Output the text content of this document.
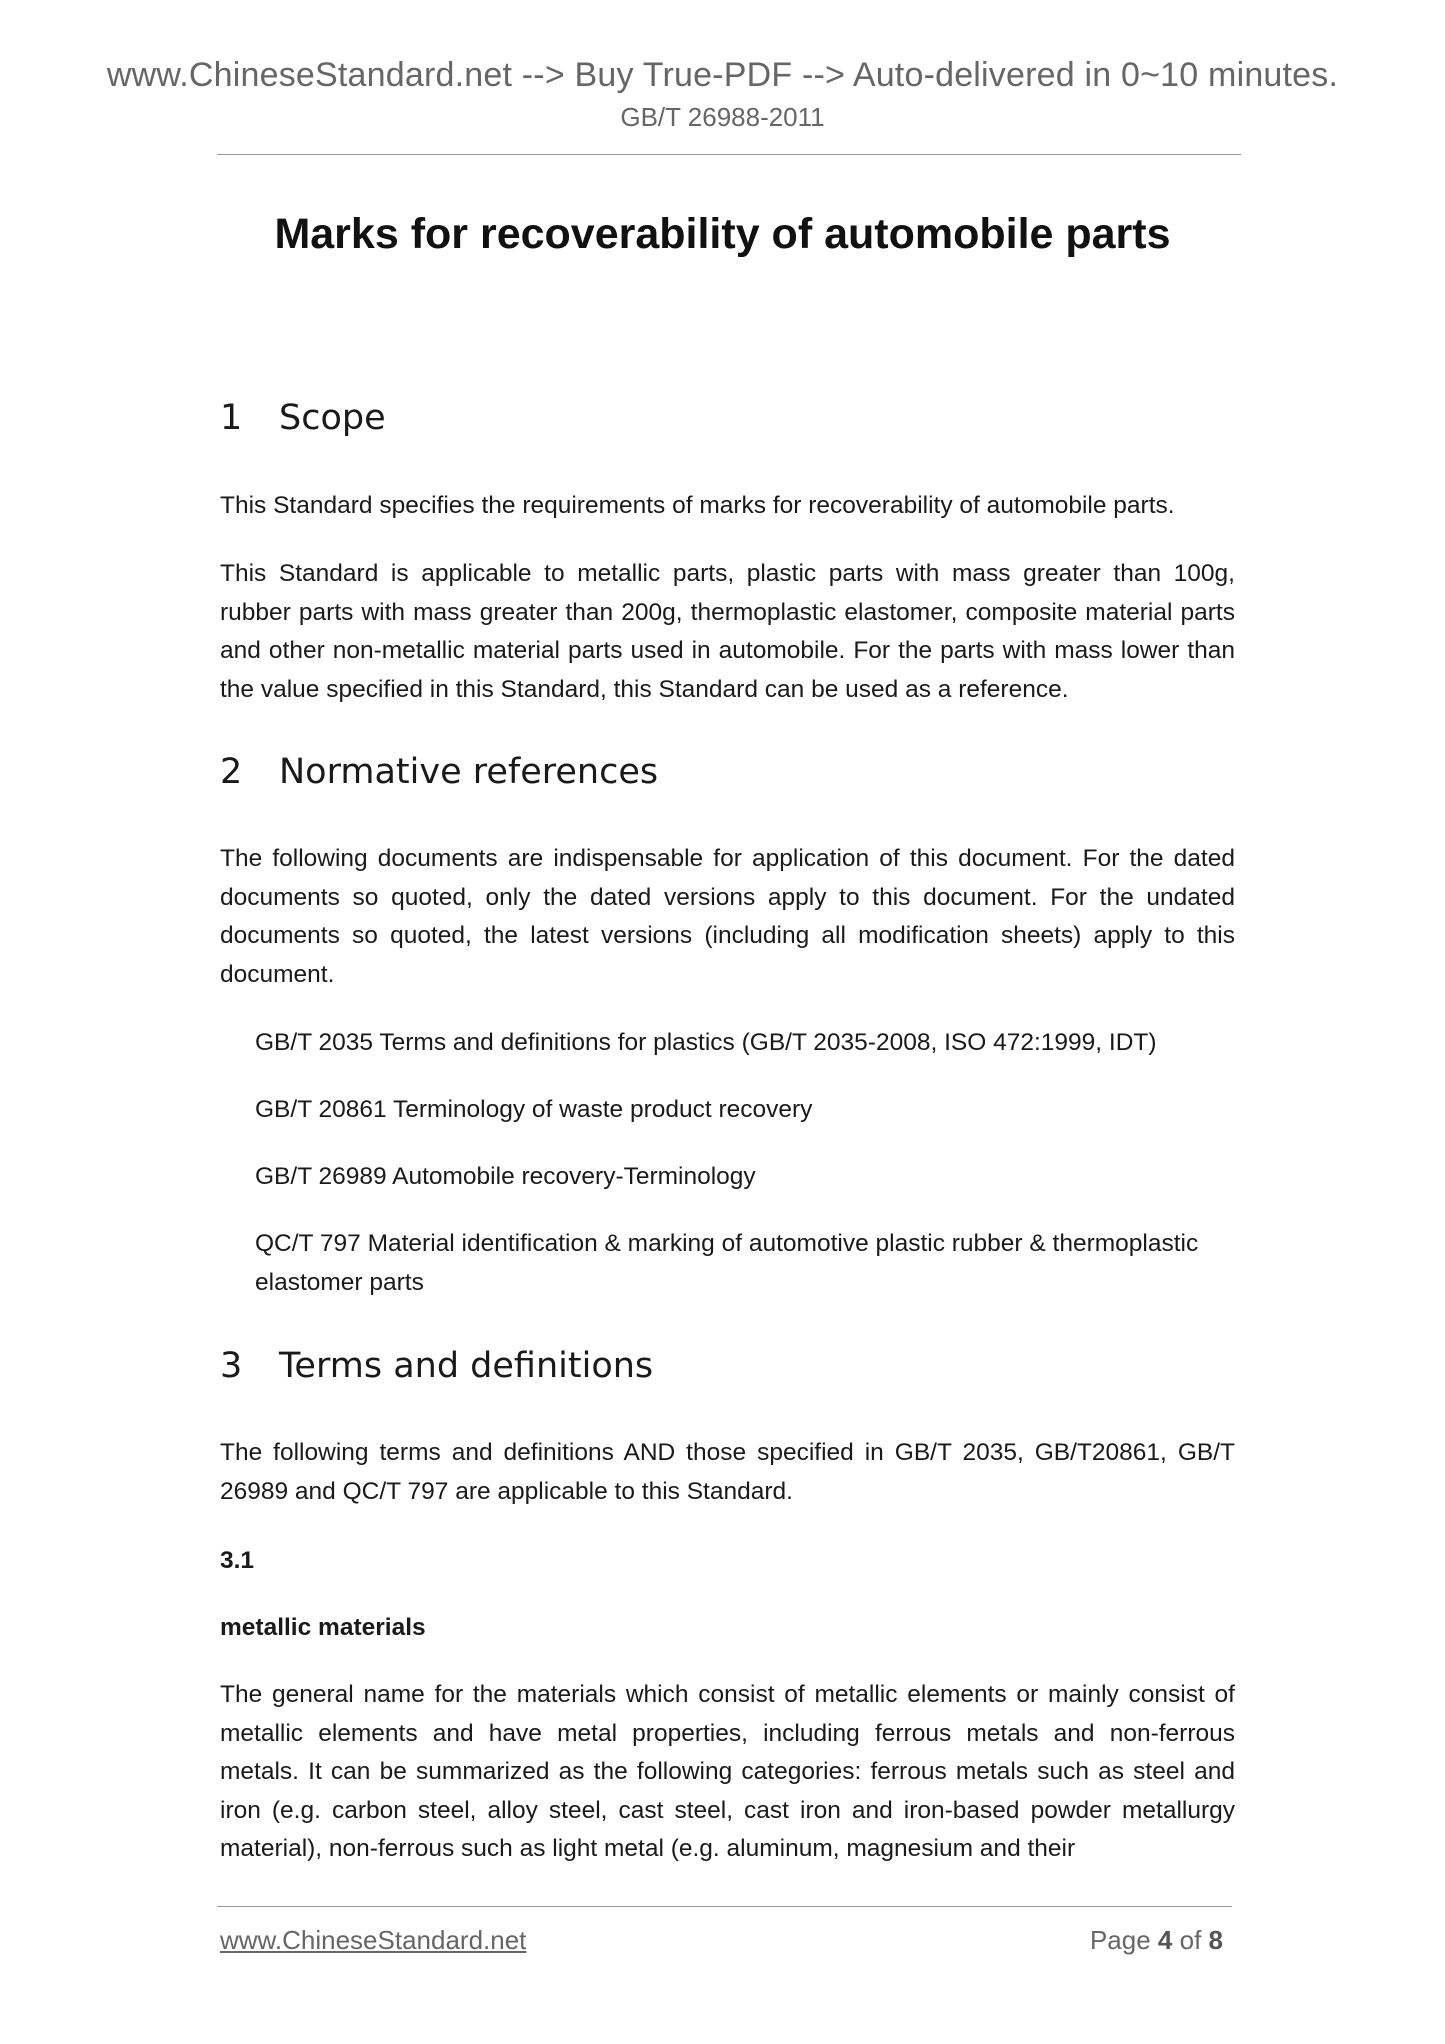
www.ChineseStandard.net --> Buy True-PDF --> Auto-delivered in 0~10 minutes.
GB/T 26988-2011
Marks for recoverability of automobile parts
1 Scope

This Standard specifies the requirements of marks for recoverability of automobile parts.

This Standard is applicable to metallic parts, plastic parts with mass greater than 100g, rubber parts with mass greater than 200g, thermoplastic elastomer, composite material parts and other non-metallic material parts used in automobile. For the parts with mass lower than the value specified in this Standard, this Standard can be used as a reference.

2 Normative references

The following documents are indispensable for application of this document. For the dated documents so quoted, only the dated versions apply to this document. For the undated documents so quoted, the latest versions (including all modification sheets) apply to this document.

GB/T 2035 Terms and definitions for plastics (GB/T 2035-2008, ISO 472:1999, IDT)

GB/T 20861 Terminology of waste product recovery

GB/T 26989 Automobile recovery-Terminology

QC/T 797 Material identification & marking of automotive plastic rubber & thermoplastic elastomer parts

3 Terms and definitions

The following terms and definitions AND those specified in GB/T 2035, GB/T20861, GB/T 26989 and QC/T 797 are applicable to this Standard.

3.1
metallic materials

The general name for the materials which consist of metallic elements or mainly consist of metallic elements and have metal properties, including ferrous metals and non-ferrous metals. It can be summarized as the following categories: ferrous metals such as steel and iron (e.g. carbon steel, alloy steel, cast steel, cast iron and iron-based powder metallurgy material), non-ferrous such as light metal (e.g. aluminum, magnesium and their

www.ChineseStandard.net	Page 4 of 8
